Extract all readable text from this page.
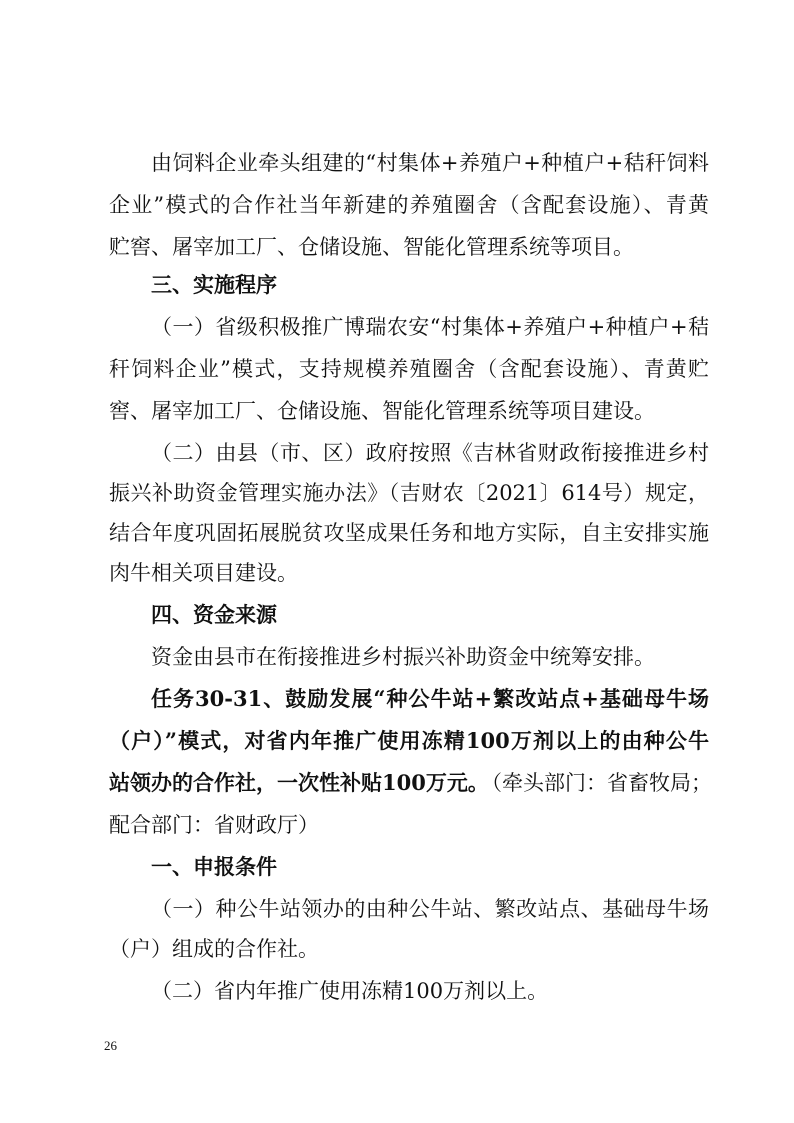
由饲料企业牵头组建的“村集体+养殖户+种植户+秸秆饲料
企业”模式的合作社当年新建的养殖圈舍（含配套设施）、青黄
贮窖、屠宰加工厂、仓储设施、智能化管理系统等项目。
三、实施程序
（一）省级积极推广博瑞农安“村集体+养殖户+种植户+秸
秆饲料企业”模式，支持规模养殖圈舍（含配套设施）、青黄贮
窖、屠宰加工厂、仓储设施、智能化管理系统等项目建设。
（二）由县（市、区）政府按照《吉林省财政衔接推进乡村
振兴补助资金管理实施办法》（吉财农〔2021〕614号）规定，
结合年度巩固拓展脱贫攻坚成果任务和地方实际，自主安排实施
肉牛相关项目建设。
四、资金来源
资金由县市在衔接推进乡村振兴补助资金中统筹安排。
任务30-31、鼓励发展“种公牛站+繁改站点+基础母牛场
（户）”模式，对省内年推广使用冻精100万剂以上的由种公牛
站领办的合作社，一次性补贴100万元。
（牵头部门：省畜牧局；
配合部门：省财政厅）
一、申报条件
（一）种公牛站领办的由种公牛站、繁改站点、基础母牛场
（户）组成的合作社。
（二）省内年推广使用冻精100万剂以上。
26
